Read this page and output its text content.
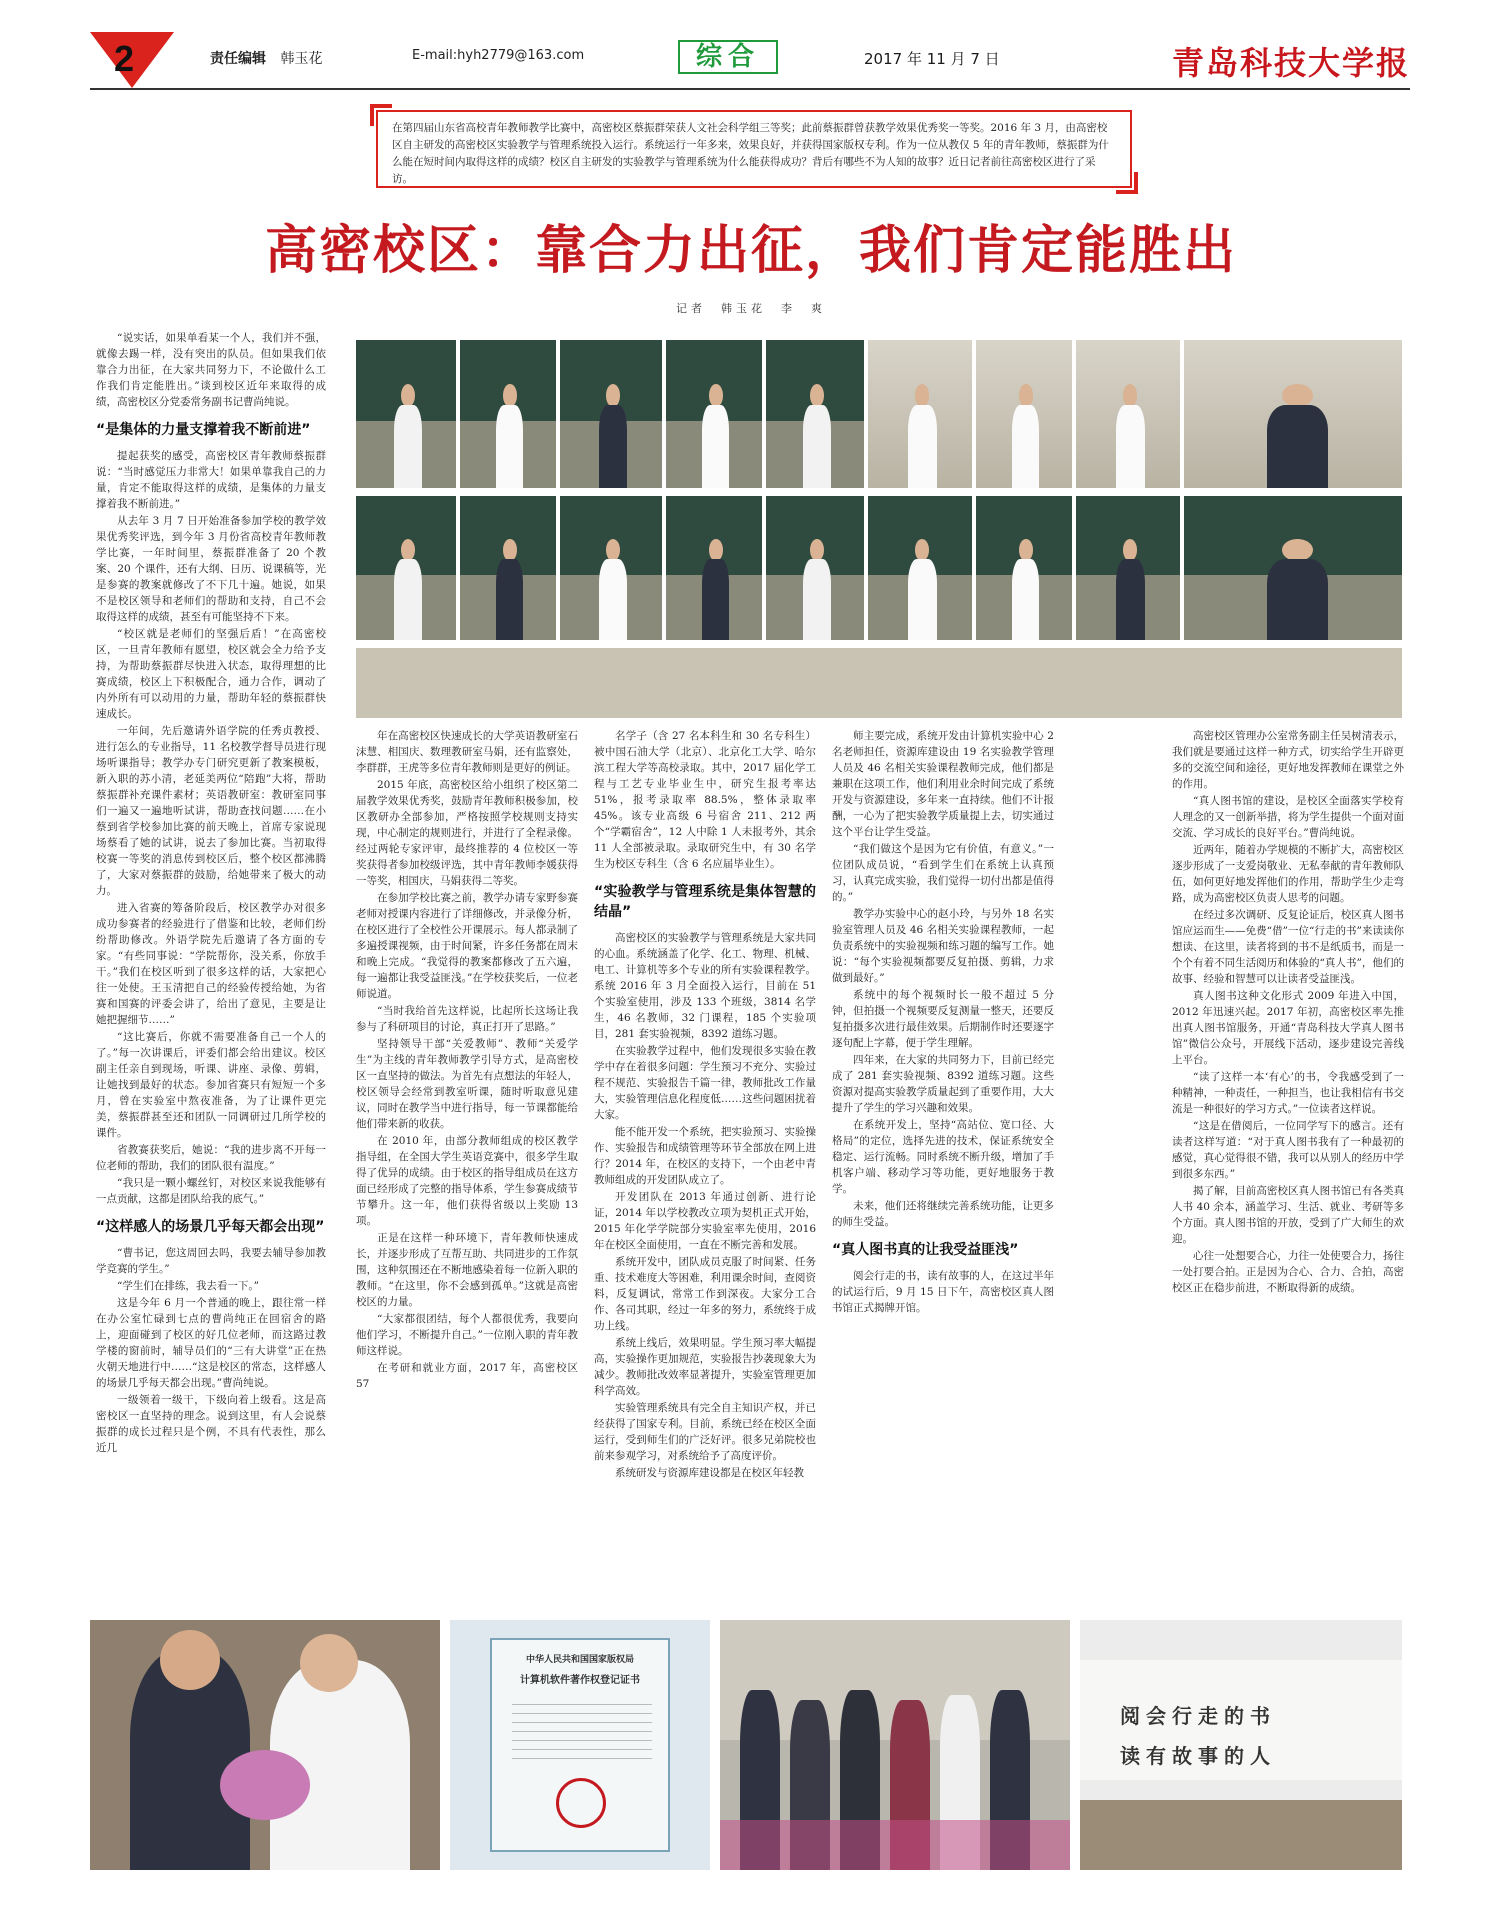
2	责任编辑 韩玉花	E-mail:hyh2779@163.com	综合	2017 年 11 月 7 日	青岛科技大学报
在第四届山东省高校青年教师教学比赛中，高密校区蔡振群荣获人文社会科学组三等奖；此前蔡振群曾获教学效果优秀奖一等奖。2016 年 3 月，由高密校区自主研发的高密校区实验教学与管理系统投入运行。系统运行一年多来，效果良好，并获得国家版权专利。作为一位从教仅 5 年的青年教师，蔡振群为什么能在短时间内取得这样的成绩？校区自主研发的实验教学与管理系统为什么能获得成功？背后有哪些不为人知的故事？近日记者前往高密校区进行了采访。
高密校区：靠合力出征，我们肯定能胜出
记者　韩玉花　李　爽

“说实话，如果单看某一个人，我们并不强，就像去踢一样，没有突出的队员。但如果我们依靠合力出征，在大家共同努力下，不论做什么工作我们肯定能胜出。”谈到校区近年来取得的成绩，高密校区分党委常务副书记曹尚纯说。

“是集体的力量支撑着我不断前进”

提起获奖的感受，高密校区青年教师蔡振群说：“当时感觉压力非常大！如果单靠我自己的力量，肯定不能取得这样的成绩，是集体的力量支撑着我不断前进。”

从去年 3 月 7 日开始准备参加学校的教学效果优秀奖评选，到今年 3 月份省高校青年教师教学比赛，一年时间里，蔡振群准备了 20 个教案、20 个课件，还有大纲、日历、说课稿等，光是参赛的教案就修改了不下几十遍。她说，如果不是校区领导和老师们的帮助和支持，自己不会取得这样的成绩，甚至有可能坚持不下来。

“校区就是老师们的坚强后盾！”在高密校区，一旦青年教师有愿望，校区就会全力给予支持，为帮助蔡振群尽快进入状态，取得理想的比赛成绩，校区上下积极配合，通力合作，调动了内外所有可以动用的力量，帮助年轻的蔡振群快速成长。

一年间，先后邀请外语学院的任秀贞教授、进行怎么的专业指导，11 名校教学督导员进行现场听课指导；教学办专门研究更新了教案模板，新入职的苏小清，老延美两位“陪跑”大将，帮助蔡振群补充课件素材；英语教研室：教研室同事们一遍又一遍地听试讲，帮助查找问题……在小蔡到省学校参加比赛的前天晚上，首席专家说现场蔡看了她的试讲，说去了参加比赛。当初取得校赛一等奖的消息传到校区后，整个校区都沸腾了，大家对蔡振群的鼓励，给她带来了极大的动力。

进入省赛的筹备阶段后，校区教学办对很多成功参赛者的经验进行了借鉴和比较，老师们纷纷帮助修改。外语学院先后邀请了各方面的专家。“有些同事说：“学院帮你，没关系，你放手干。”我们在校区听到了很多这样的话，大家把心往一处使。王玉清把自己的经验传授给她，为省赛和国赛的评委会讲了，给出了意见，主要是让她把握细节……”

“这比赛后，你就不需要准备自己一个人的了。”每一次讲课后，评委们都会给出建议。校区副主任亲自到现场，听课、讲座、录像、剪辑，让她找到最好的状态。参加省赛只有短短一个多月，曾在实验室中熬夜准备，为了让课件更完美，蔡振群甚至还和团队一同调研过几所学校的课件。

省教赛获奖后，她说：“我的进步离不开每一位老师的帮助，我们的团队很有温度。”

“我只是一颗小螺丝钉，对校区来说我能够有一点贡献，这都是团队给我的底气。”

“这样感人的场景几乎每天都会出现”

“曹书记，您这周回去吗，我要去辅导参加教学竞赛的学生。”

“学生们在排练，我去看一下。”

这是今年 6 月一个普通的晚上，跟往常一样在办公室忙碌到七点的曹尚纯正在回宿舍的路上，迎面碰到了校区的好几位老师，而这路过教学楼的窗前时，辅导员们的“三有大讲堂”正在热火朝天地进行中……“这是校区的常态，这样感人的场景几乎每天都会出现。”曹尚纯说。

一级领着一级干，下级向着上级看。这是高密校区一直坚持的理念。说到这里，有人会说蔡振群的成长过程只是个例，不具有代表性，那么近几

年在高密校区快速成长的大学英语教研室石沫慧、相国庆、数理教研室马娟，还有监察处，李群群，王虎等多位青年教师则是更好的例证。

2015 年底，高密校区给小组织了校区第二届教学效果优秀奖，鼓励青年教师积极参加，校区教研办全部参加，严格按照学校规则支持实现，中心制定的规则进行，并进行了全程录像。经过两轮专家评审，最终推荐的 4 位校区一等奖获得者参加校级评选，其中青年教师李媛获得一等奖，相国庆，马娟获得二等奖。

在参加学校比赛之前，教学办请专家野参赛老师对授课内容进行了详细修改，并录像分析，在校区进行了全校性公开课展示。每人都录制了多遍授课视频，由于时间紧，许多任务都在周末和晚上完成。“我觉得的教案都修改了五六遍，每一遍都让我受益匪浅。”在学校获奖后，一位老师说道。

“当时我给首先这样说，比起所长这场让我参与了科研项目的讨论，真正打开了思路。”

坚持领导干部“关爱教师”、教师“关爱学生”为主线的青年教师教学引导方式，是高密校区一直坚持的做法。为首先有点想法的年轻人，校区领导会经常到教室听课，随时听取意见建议，同时在教学当中进行指导，每一节课都能给他们带来新的收获。

在 2010 年，由部分教师组成的校区教学指导组，在全国大学生英语竞赛中，很多学生取得了优异的成绩。由于校区的指导组成员在这方面已经形成了完整的指导体系，学生参赛成绩节节攀升。这一年，他们获得省级以上奖励 13 项。

正是在这样一种环境下，青年教师快速成长，并逐步形成了互帮互助、共同进步的工作氛围，这种氛围还在不断地感染着每一位新入职的教师。“在这里，你不会感到孤单。”这就是高密校区的力量。

“大家都很团结，每个人都很优秀，我要向他们学习，不断提升自己。”一位刚入职的青年教师这样说。

在考研和就业方面，2017 年，高密校区 57

名学子（含 27 名本科生和 30 名专科生）被中国石油大学（北京）、北京化工大学、哈尔滨工程大学等高校录取。其中，2017 届化学工程与工艺专业毕业生中，研究生报考率达 51%，报考录取率 88.5%，整体录取率 45%。该专业高级 6 号宿舍 211、212 两个“学霸宿舍”，12 人中除 1 人未报考外，其余 11 人全部被录取。录取研究生中，有 30 名学生为校区专科生（含 6 名应届毕业生）。

“实验教学与管理系统是集体智慧的结晶”

高密校区的实验教学与管理系统是大家共同的心血。系统涵盖了化学、化工、物理、机械、电工、计算机等多个专业的所有实验课程教学。系统 2016 年 3 月全面投入运行，目前在 51 个实验室使用，涉及 133 个班级，3814 名学生，46 名教师，32 门课程，185 个实验项目，281 套实验视频，8392 道练习题。

在实验教学过程中，他们发现很多实验在教学中存在着很多问题：学生预习不充分、实验过程不规范、实验报告千篇一律，教师批改工作量大，实验管理信息化程度低……这些问题困扰着大家。

能不能开发一个系统，把实验预习、实验操作、实验报告和成绩管理等环节全部放在网上进行？2014 年，在校区的支持下，一个由老中青教师组成的开发团队成立了。

开发团队在 2013 年通过创新、进行论证，2014 年以学校教改立项为契机正式开始，2015 年化学学院部分实验室率先使用，2016 年在校区全面使用，一直在不断完善和发展。

系统开发中，团队成员克服了时间紧、任务重、技术难度大等困难，利用课余时间，查阅资料，反复调试，常常工作到深夜。大家分工合作、各司其职，经过一年多的努力，系统终于成功上线。

系统上线后，效果明显。学生预习率大幅提高，实验操作更加规范，实验报告抄袭现象大为减少。教师批改效率显著提升，实验室管理更加科学高效。

实验管理系统具有完全自主知识产权，并已经获得了国家专利。目前，系统已经在校区全面运行，受到师生们的广泛好评。很多兄弟院校也前来参观学习，对系统给予了高度评价。

系统研发与资源库建设都是在校区年轻教

师主要完成，系统开发由计算机实验中心 2 名老师担任，资源库建设由 19 名实验教学管理人员及 46 名相关实验课程教师完成，他们都是兼职在这项工作，他们利用业余时间完成了系统开发与资源建设，多年来一直持续。他们不计报酬，一心为了把实验教学质量提上去，切实通过这个平台让学生受益。

“我们做这个是因为它有价值，有意义。”一位团队成员说，“看到学生们在系统上认真预习，认真完成实验，我们觉得一切付出都是值得的。”

教学办实验中心的赵小玲，与另外 18 名实验室管理人员及 46 名相关实验课程教师，一起负责系统中的实验视频和练习题的编写工作。她说：“每个实验视频都要反复拍摄、剪辑，力求做到最好。”

系统中的每个视频时长一般不超过 5 分钟，但拍摄一个视频要反复测量一整天，还要反复拍摄多次进行最佳效果。后期制作时还要逐字逐句配上字幕，便于学生理解。

四年来，在大家的共同努力下，目前已经完成了 281 套实验视频、8392 道练习题。这些资源对提高实验教学质量起到了重要作用，大大提升了学生的学习兴趣和效果。

在系统开发上，坚持“高站位、宽口径、大格局”的定位，选择先进的技术，保证系统安全稳定、运行流畅。同时系统不断升级，增加了手机客户端、移动学习等功能，更好地服务于教学。

未来，他们还将继续完善系统功能，让更多的师生受益。

“真人图书真的让我受益匪浅”

阅会行走的书，读有故事的人，在这过半年的试运行后，9 月 15 日下午，高密校区真人图书馆正式揭牌开馆。

高密校区管理办公室常务副主任吴树清表示，我们就是要通过这样一种方式，切实给学生开辟更多的交流空间和途径，更好地发挥教师在课堂之外的作用。

“真人图书馆的建设，是校区全面落实学校育人理念的又一创新举措，将为学生提供一个面对面交流、学习成长的良好平台。”曹尚纯说。

近两年，随着办学规模的不断扩大，高密校区逐步形成了一支爱岗敬业、无私奉献的青年教师队伍，如何更好地发挥他们的作用，帮助学生少走弯路，成为高密校区负责人思考的问题。

在经过多次调研、反复论证后，校区真人图书馆应运而生——免费“借”一位“行走的书”来读读你想读、在这里，读者将到的书不是纸质书，而是一个个有着不同生活阅历和体验的“真人书”，他们的故事、经验和智慧可以让读者受益匪浅。

真人图书这种文化形式 2009 年进入中国，2012 年迅速兴起。2017 年初，高密校区率先推出真人图书馆服务，开通“青岛科技大学真人图书馆”微信公众号，开展线下活动，逐步建设完善线上平台。

“读了这样一本‘有心’的书，令我感受到了一种精神，一种责任，一种担当，也让我相信有书交流是一种很好的学习方式。”一位读者这样说。

“这是在借阅后，一位同学写下的感言。还有读者这样写道：“对于真人图书我有了一种最初的感觉，真心觉得很不错，我可以从别人的经历中学到很多东西。”

揭了解，目前高密校区真人图书馆已有各类真人书 40 余本，涵盖学习、生活、就业、考研等多个方面。真人图书馆的开放，受到了广大师生的欢迎。

心往一处想要合心，力往一处使要合力，扬往一处打要合拍。正是因为合心、合力、合拍，高密校区正在稳步前进，不断取得新的成绩。

中华人民共和国国家版权局
计算机软件著作权登记证书
阅会行走的书
读有故事的人
